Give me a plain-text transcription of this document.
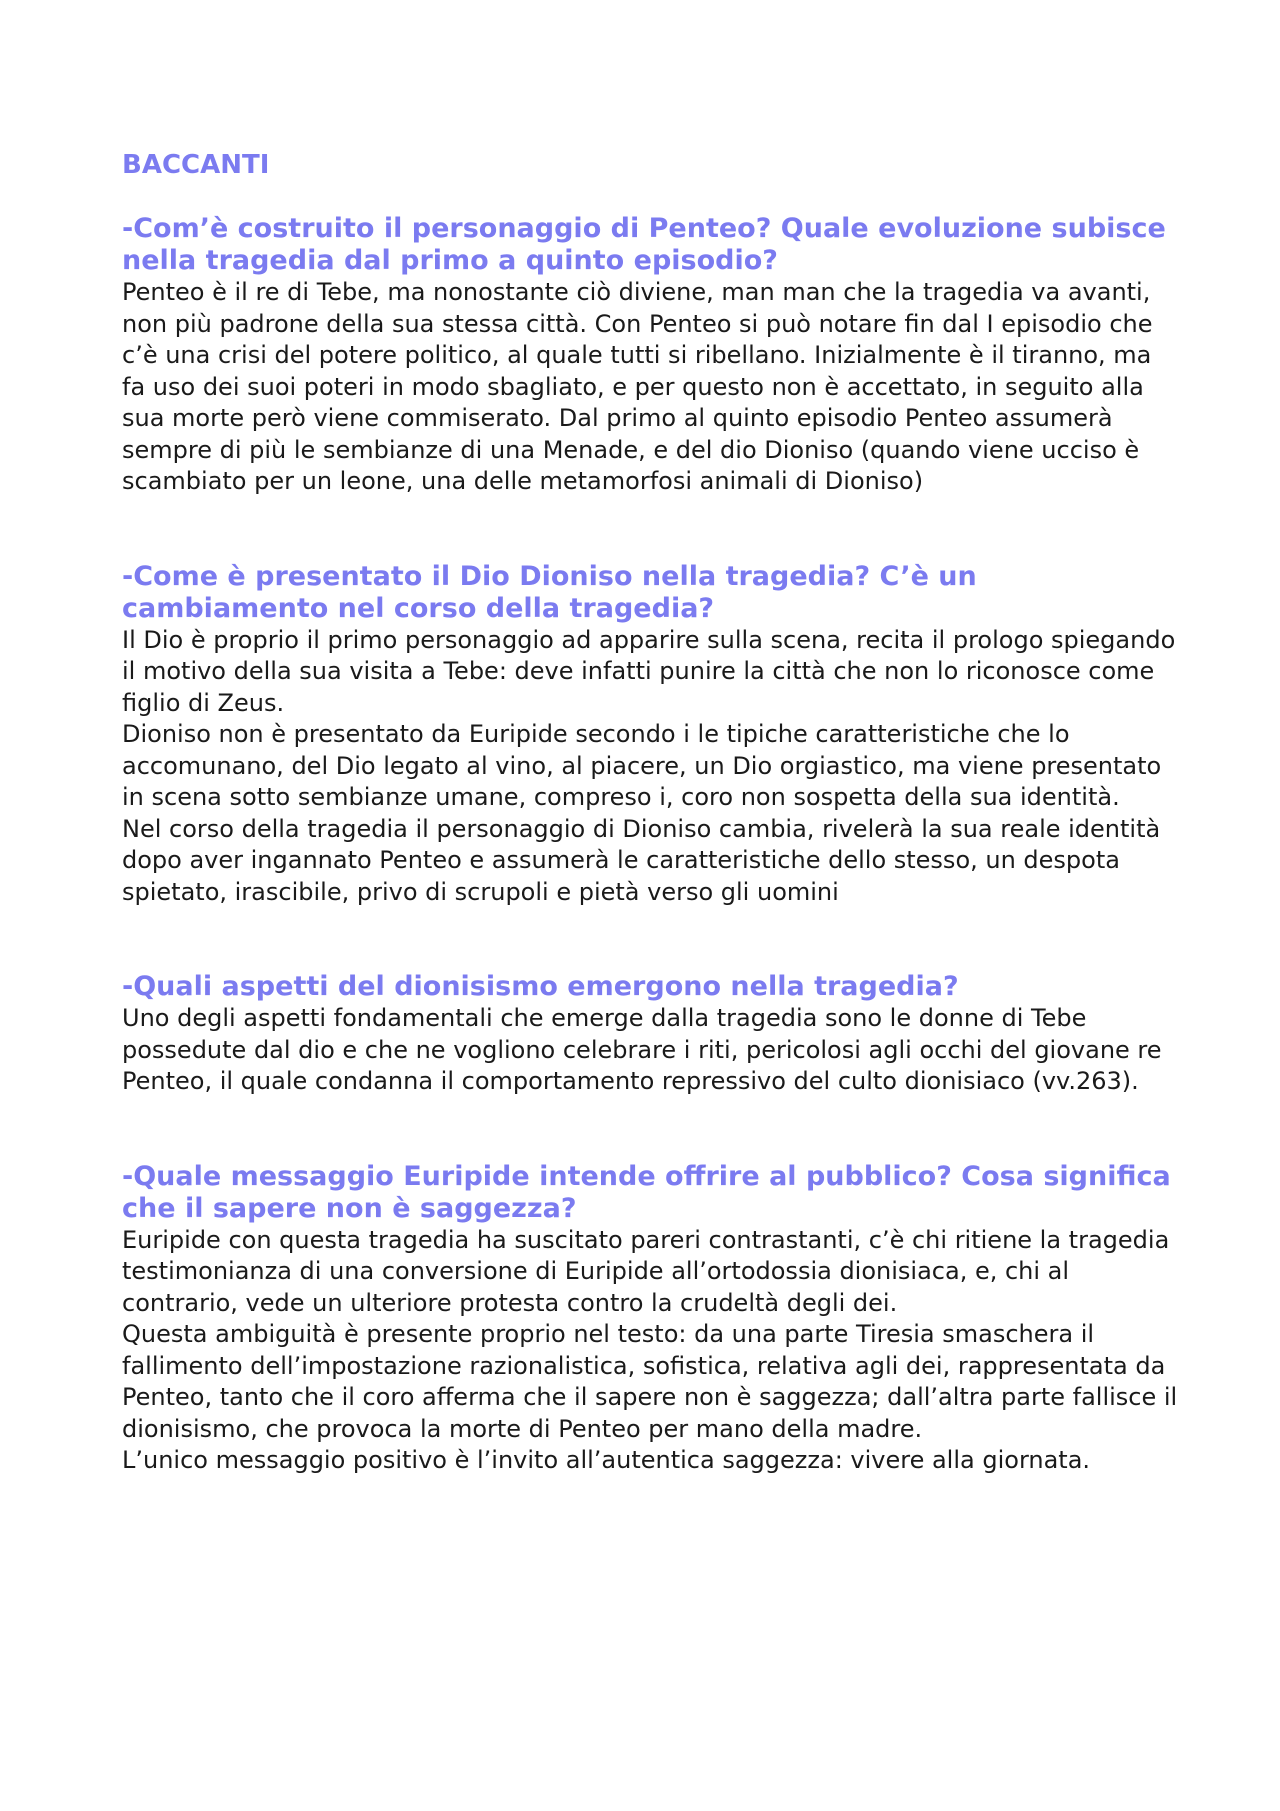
BACCANTI
-Com’è costruito il personaggio di Penteo? Quale evoluzione subisce nella tragedia dal primo a quinto episodio?

Penteo è il re di Tebe, ma nonostante ciò diviene, man man che la tragedia va avanti, non più padrone della sua stessa città. Con Penteo si può notare fin dal I episodio che c’è una crisi del potere politico, al quale tutti si ribellano. Inizialmente è il tiranno, ma fa uso dei suoi poteri in modo sbagliato, e per questo non è accettato, in seguito alla sua morte però viene commiserato. Dal primo al quinto episodio Penteo assumerà sempre di più le sembianze di una Menade, e del dio Dioniso (quando viene ucciso è scambiato per un leone, una delle metamorfosi animali di Dioniso)

-Come è presentato il Dio Dioniso nella tragedia? C’è un cambiamento nel corso della tragedia?

Il Dio è proprio il primo personaggio ad apparire sulla scena, recita il prologo spiegando il motivo della sua visita a Tebe: deve infatti punire la città che non lo riconosce come figlio di Zeus.

Dioniso non è presentato da Euripide secondo i le tipiche caratteristiche che lo accomunano, del Dio legato al vino, al piacere, un Dio orgiastico, ma viene presentato in scena sotto sembianze umane, compreso i, coro non sospetta della sua identità.

Nel corso della tragedia il personaggio di Dioniso cambia, rivelerà la sua reale identità dopo aver ingannato Penteo e assumerà le caratteristiche dello stesso, un despota spietato, irascibile, privo di scrupoli e pietà verso gli uomini

-Quali aspetti del dionisismo emergono nella tragedia?

Uno degli aspetti fondamentali che emerge dalla tragedia sono le donne di Tebe possedute dal dio e che ne vogliono celebrare i riti, pericolosi agli occhi del giovane re Penteo, il quale condanna il comportamento repressivo del culto dionisiaco (vv.263).

-Quale messaggio Euripide intende offrire al pubblico? Cosa significa che il sapere non è saggezza?

Euripide con questa tragedia ha suscitato pareri contrastanti, c’è chi ritiene la tragedia testimonianza di una conversione di Euripide all’ortodossia dionisiaca, e, chi al contrario, vede un ulteriore protesta contro la crudeltà degli dei.

Questa ambiguità è presente proprio nel testo: da una parte Tiresia smaschera il fallimento dell’impostazione razionalistica, sofistica, relativa agli dei, rappresentata da Penteo, tanto che il coro afferma che il sapere non è saggezza; dall’altra parte fallisce il dionisismo, che provoca la morte di Penteo per mano della madre.

L’unico messaggio positivo è l’invito all’autentica saggezza: vivere alla giornata.
